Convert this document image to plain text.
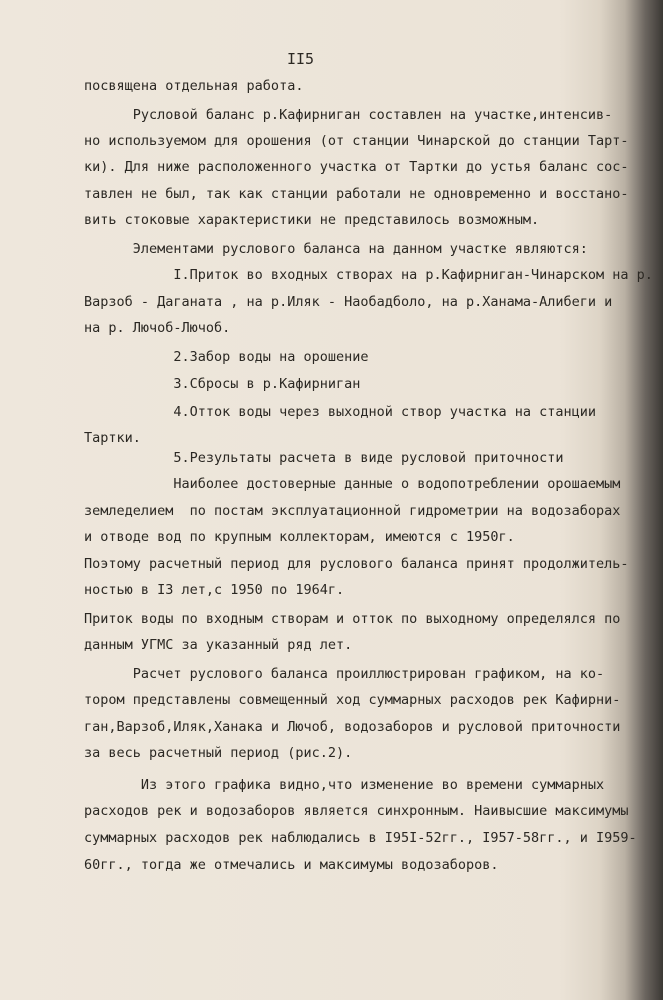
II5
посвящена отдельная работа.
Русловой баланс р.Кафирниган составлен на участке,интенсив-
но используемом для орошения (от станции Чинарской до станции Тарт-
ки). Для ниже расположенного участка от Тартки до устья баланс сос-
тавлен не был, так как станции работали не одновременно и восстано-
вить стоковые характеристики не представилось возможным.
Элементами руслового баланса на данном участке являются:
I.Приток во входных створах на р.Кафирниган-Чинарском на р.
Варзоб - Даганата , на р.Иляк - Наобадболо, на р.Ханама-Алибеги и
на р. Лючоб-Лючоб.
2.Забор воды на орошение
3.Сбросы в р.Кафирниган
4.Отток воды через выходной створ участка на станции
Тартки.
5.Результаты расчета в виде русловой приточности
Наиболее достоверные данные о водопотреблении орошаемым
земледелием  по постам эксплуатационной гидрометрии на водозаборах
и отводе вод по крупным коллекторам, имеются с 1950г.
Поэтому расчетный период для руслового баланса принят продолжитель-
ностью в I3 лет,с 1950 по 1964г.
Приток воды по входным створам и отток по выходному определялся по
данным УГМС за указанный ряд лет.
Расчет руслового баланса проиллюстрирован графиком, на ко-
тором представлены совмещенный ход суммарных расходов рек Кафирни-
ган,Варзоб,Иляк,Ханака и Лючоб, водозаборов и русловой приточности
за весь расчетный период (рис.2).
Из этого графика видно,что изменение во времени суммарных
расходов рек и водозаборов является синхронным. Наивысшие максимумы
суммарных расходов рек наблюдались в I95I-52гг., I957-58гг., и I959-
60гг., тогда же отмечались и максимумы водозаборов.
